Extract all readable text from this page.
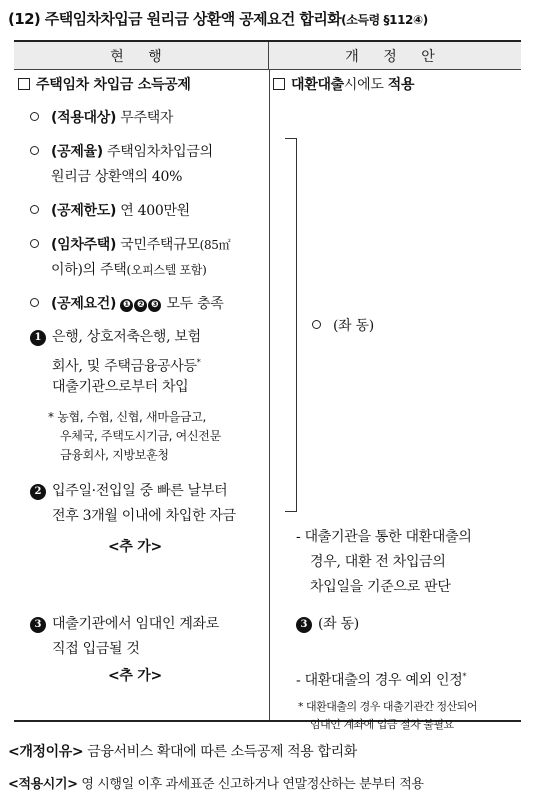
(12) 주택임차차입금 원리금 상환액 공제요건 합리화(소득령 §112④)
현 행	개 정 안
주택임차 차입금 소득공제
(적용대상) 무주택자
(공제율) 주택임차차입금의
원리금 상환액의 40%
(공제한도) 연 400만원
(임차주택) 국민주택규모(85㎡
이하)의 주택(오피스텔 포함)
(공제요건) ❶ ❷ ❸ 모두 충족
1 은행, 상호저축은행, 보험
회사, 및 주택금융공사등*
대출기관으로부터 차입
* 농협, 수협, 신협, 새마을금고,
우체국, 주택도시기금, 여신전문
금융회사, 지방보훈청
2 입주일·전입일 중 빠른 날부터
전후 3개월 이내에 차입한 자금
<추 가>
3 대출기관에서 임대인 계좌로
직접 입금될 것
<추 가>
대환대출시에도 적용
(좌 동)
- 대출기관을 통한 대환대출의
경우, 대환 전 차입금의
차입일을 기준으로 판단
3 (좌 동)
- 대환대출의 경우 예외 인정*
* 대환대출의 경우 대출기관간 정산되어
임대인 계좌에 입금 절차 불필요
<개정이유> 금융서비스 확대에 따른 소득공제 적용 합리화
<적용시기> 영 시행일 이후 과세표준 신고하거나 연말정산하는 분부터 적용
